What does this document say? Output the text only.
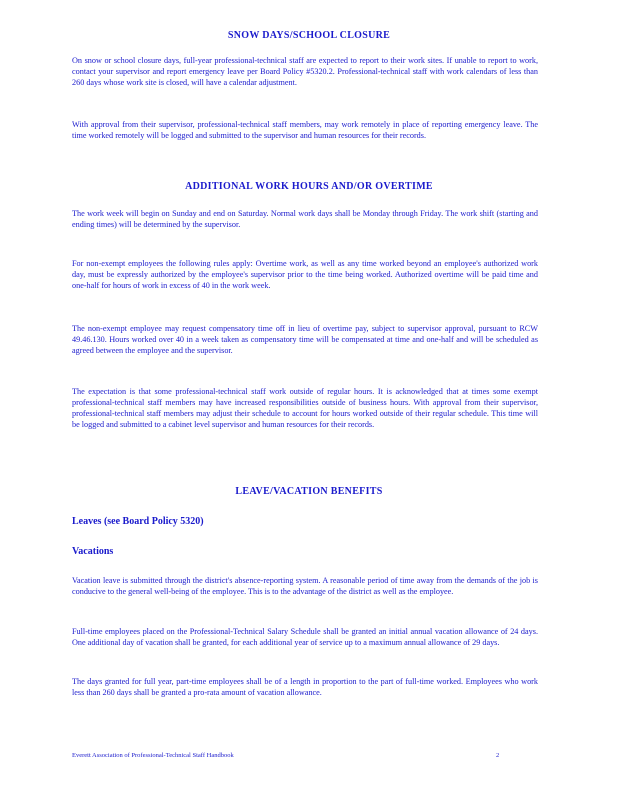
SNOW DAYS/SCHOOL CLOSURE

On snow or school closure days, full-year professional-technical staff are expected to report to their work sites. If unable to report to work, contact your supervisor and report emergency leave per Board Policy #5320.2. Professional-technical staff with work calendars of less than 260 days whose work site is closed, will have a calendar adjustment.

With approval from their supervisor, professional-technical staff members, may work remotely in place of reporting emergency leave. The time worked remotely will be logged and submitted to the supervisor and human resources for their records.

ADDITIONAL WORK HOURS AND/OR OVERTIME

The work week will begin on Sunday and end on Saturday. Normal work days shall be Monday through Friday. The work shift (starting and ending times) will be determined by the supervisor.

For non-exempt employees the following rules apply: Overtime work, as well as any time worked beyond an employee's authorized work day, must be expressly authorized by the employee's supervisor prior to the time being worked. Authorized overtime will be paid time and one-half for hours of work in excess of 40 in the work week.

The non-exempt employee may request compensatory time off in lieu of overtime pay, subject to supervisor approval, pursuant to RCW 49.46.130. Hours worked over 40 in a week taken as compensatory time will be compensated at time and one-half and will be scheduled as agreed between the employee and the supervisor.

The expectation is that some professional-technical staff work outside of regular hours. It is acknowledged that at times some exempt professional-technical staff members may have increased responsibilities outside of business hours. With approval from their supervisor, professional-technical staff members may adjust their schedule to account for hours worked outside of their regular schedule. This time will be logged and submitted to a cabinet level supervisor and human resources for their records.

LEAVE/VACATION BENEFITS
Leaves (see Board Policy 5320)
Vacations

Vacation leave is submitted through the district's absence-reporting system. A reasonable period of time away from the demands of the job is conducive to the general well-being of the employee. This is to the advantage of the district as well as the employee.

Full-time employees placed on the Professional-Technical Salary Schedule shall be granted an initial annual vacation allowance of 24 days. One additional day of vacation shall be granted, for each additional year of service up to a maximum annual allowance of 29 days.

The days granted for full year, part-time employees shall be of a length in proportion to the part of full-time worked. Employees who work less than 260 days shall be granted a pro-rata amount of vacation allowance.

Everett Association of Professional-Technical Staff Handbook	2
